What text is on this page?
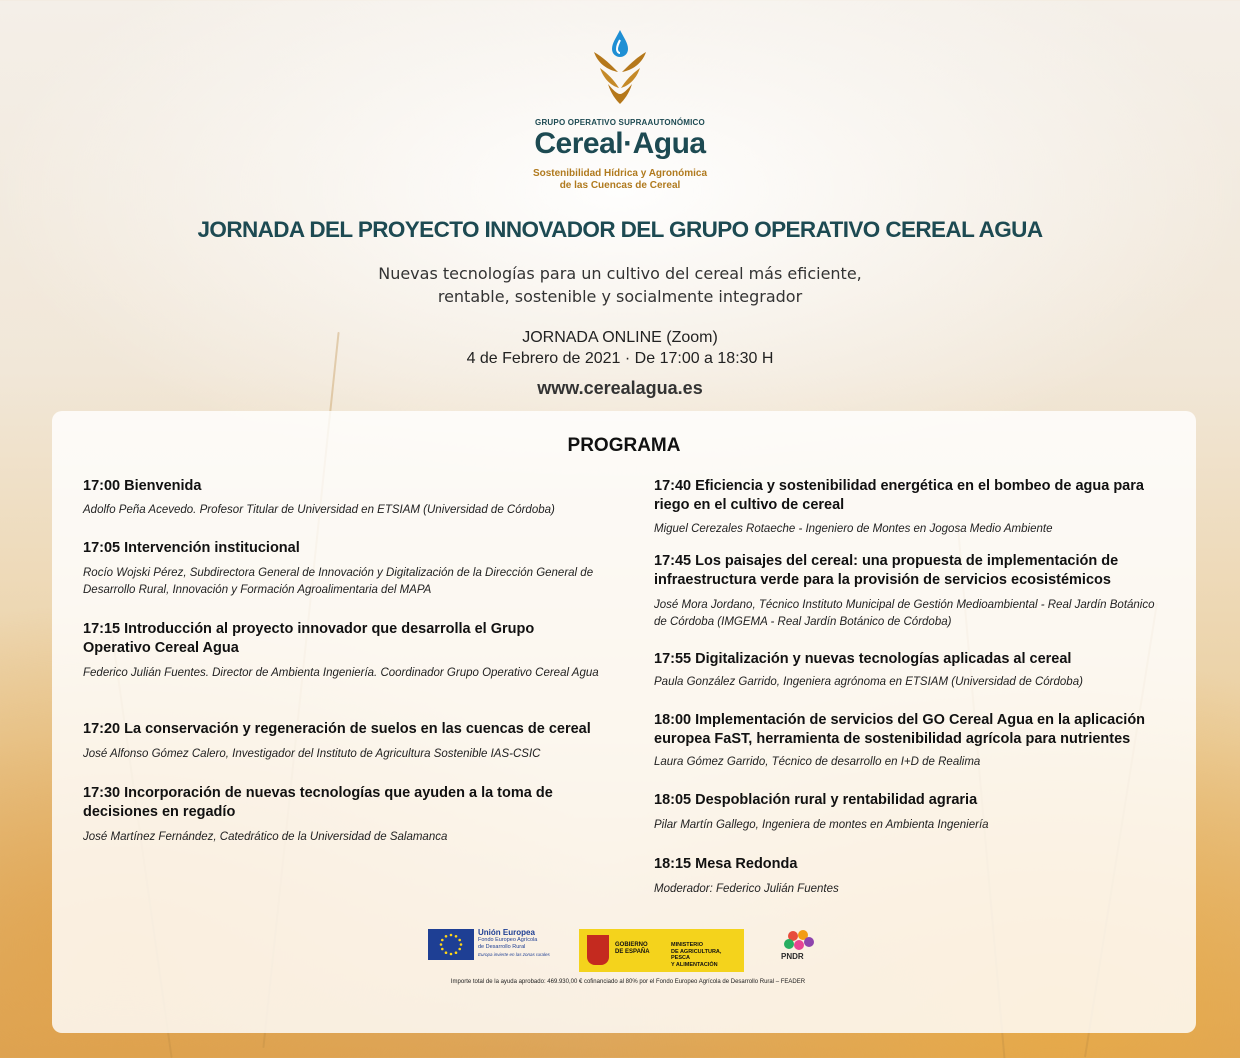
GRUPO OPERATIVO SUPRAAUTONÓMICO
Cereal·Agua
Sostenibilidad Hídrica y Agronómica
de las Cuencas de Cereal
JORNADA DEL PROYECTO INNOVADOR DEL GRUPO OPERATIVO CEREAL AGUA
Nuevas tecnologías para un cultivo del cereal más eficiente,
rentable, sostenible y socialmente integrador
JORNADA ONLINE (Zoom)
4 de Febrero de 2021 · De 17:00 a 18:30 H
www.cerealagua.es
PROGRAMA
17:00 Bienvenida
Adolfo Peña Acevedo. Profesor Titular de Universidad en ETSIAM (Universidad de Córdoba)
17:05 Intervención institucional
Rocío Wojski Pérez, Subdirectora General de Innovación y Digitalización de la Dirección General de Desarrollo Rural, Innovación y Formación Agroalimentaria del MAPA
17:15 Introducción al proyecto innovador que desarrolla el Grupo Operativo Cereal Agua
Federico Julián Fuentes. Director de Ambienta Ingeniería. Coordinador Grupo Operativo Cereal Agua
17:20 La conservación y regeneración de suelos en las cuencas de cereal
José Alfonso Gómez Calero, Investigador del Instituto de Agricultura Sostenible IAS-CSIC
17:30 Incorporación de nuevas tecnologías que ayuden a la toma de decisiones en regadío
José Martínez Fernández, Catedrático de la Universidad de Salamanca
17:40 Eficiencia y sostenibilidad energética en el bombeo de agua para riego en el cultivo de cereal
Miguel Cerezales Rotaeche - Ingeniero de Montes en Jogosa Medio Ambiente
17:45 Los paisajes del cereal: una propuesta de implementación de infraestructura verde para la provisión de servicios ecosistémicos
José Mora Jordano, Técnico Instituto Municipal de Gestión Medioambiental - Real Jardín Botánico de Córdoba (IMGEMA - Real Jardín Botánico de Córdoba)
17:55 Digitalización y nuevas tecnologías aplicadas al cereal
Paula González Garrido, Ingeniera agrónoma en ETSIAM (Universidad de Córdoba)
18:00 Implementación de servicios del GO Cereal Agua en la aplicación europea FaST, herramienta de sostenibilidad agrícola para nutrientes
Laura Gómez Garrido, Técnico de desarrollo en I+D de Realima
18:05 Despoblación rural y rentabilidad agraria
Pilar Martín Gallego, Ingeniera de montes en Ambienta Ingeniería
18:15 Mesa Redonda
Moderador: Federico Julián Fuentes
Unión Europea
Fondo Europeo Agrícola
de Desarrollo Rural
Europa invierte en las zonas rurales
GOBIERNO
DE ESPAÑA
MINISTERIO
DE AGRICULTURA, PESCA
Y ALIMENTACIÓN
PNDR
Importe total de la ayuda aprobado: 469.930,00 € cofinanciado al 80% por el Fondo Europeo Agrícola de Desarrollo Rural – FEADER
